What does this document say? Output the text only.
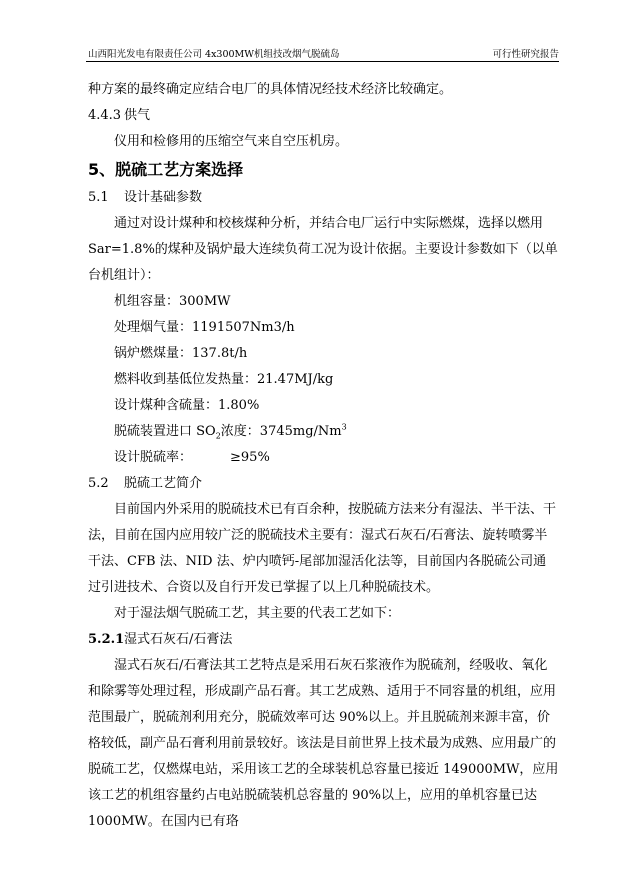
山西阳光发电有限责任公司 4x300MW机组技改烟气脱硫岛	可行性研究报告

种方案的最终确定应结合电厂的具体情况经技术经济比较确定。

4.4.3 供气

仪用和检修用的压缩空气来自空压机房。

5、脱硫工艺方案选择

5.1 设计基础参数

通过对设计煤种和校核煤种分析，并结合电厂运行中实际燃煤，选择以燃用Sar=1.8%的煤种及锅炉最大连续负荷工况为设计依据。主要设计参数如下（以单台机组计）：

机组容量：300MW

处理烟气量：1191507Nm3/h

锅炉燃煤量：137.8t/h

燃料收到基低位发热量：21.47MJ/kg

设计煤种含硫量：1.80%

脱硫装置进口 $SO_2$浓度：3745mg/Nm$^3$

设计脱硫率：	≥95%

5.2 脱硫工艺简介

目前国内外采用的脱硫技术已有百余种，按脱硫方法来分有湿法、半干法、干法，目前在国内应用较广泛的脱硫技术主要有：湿式石灰石/石膏法、旋转喷雾半干法、CFB 法、NID 法、炉内喷钙-尾部加湿活化法等，目前国内各脱硫公司通过引进技术、合资以及自行开发已掌握了以上几种脱硫技术。

对于湿法烟气脱硫工艺，其主要的代表工艺如下：

5.2.1湿式石灰石/石膏法

湿式石灰石/石膏法其工艺特点是采用石灰石浆液作为脱硫剂，经吸收、氧化和除雾等处理过程，形成副产品石膏。其工艺成熟、适用于不同容量的机组，应用范围最广，脱硫剂利用充分，脱硫效率可达 90%以上。并且脱硫剂来源丰富，价格较低，副产品石膏利用前景较好。该法是目前世界上技术最为成熟、应用最广的脱硫工艺，仅燃煤电站，采用该工艺的全球装机总容量已接近 149000MW，应用该工艺的机组容量约占电站脱硫装机总容量的 90%以上，应用的单机容量已达 1000MW。在国内已有珞
